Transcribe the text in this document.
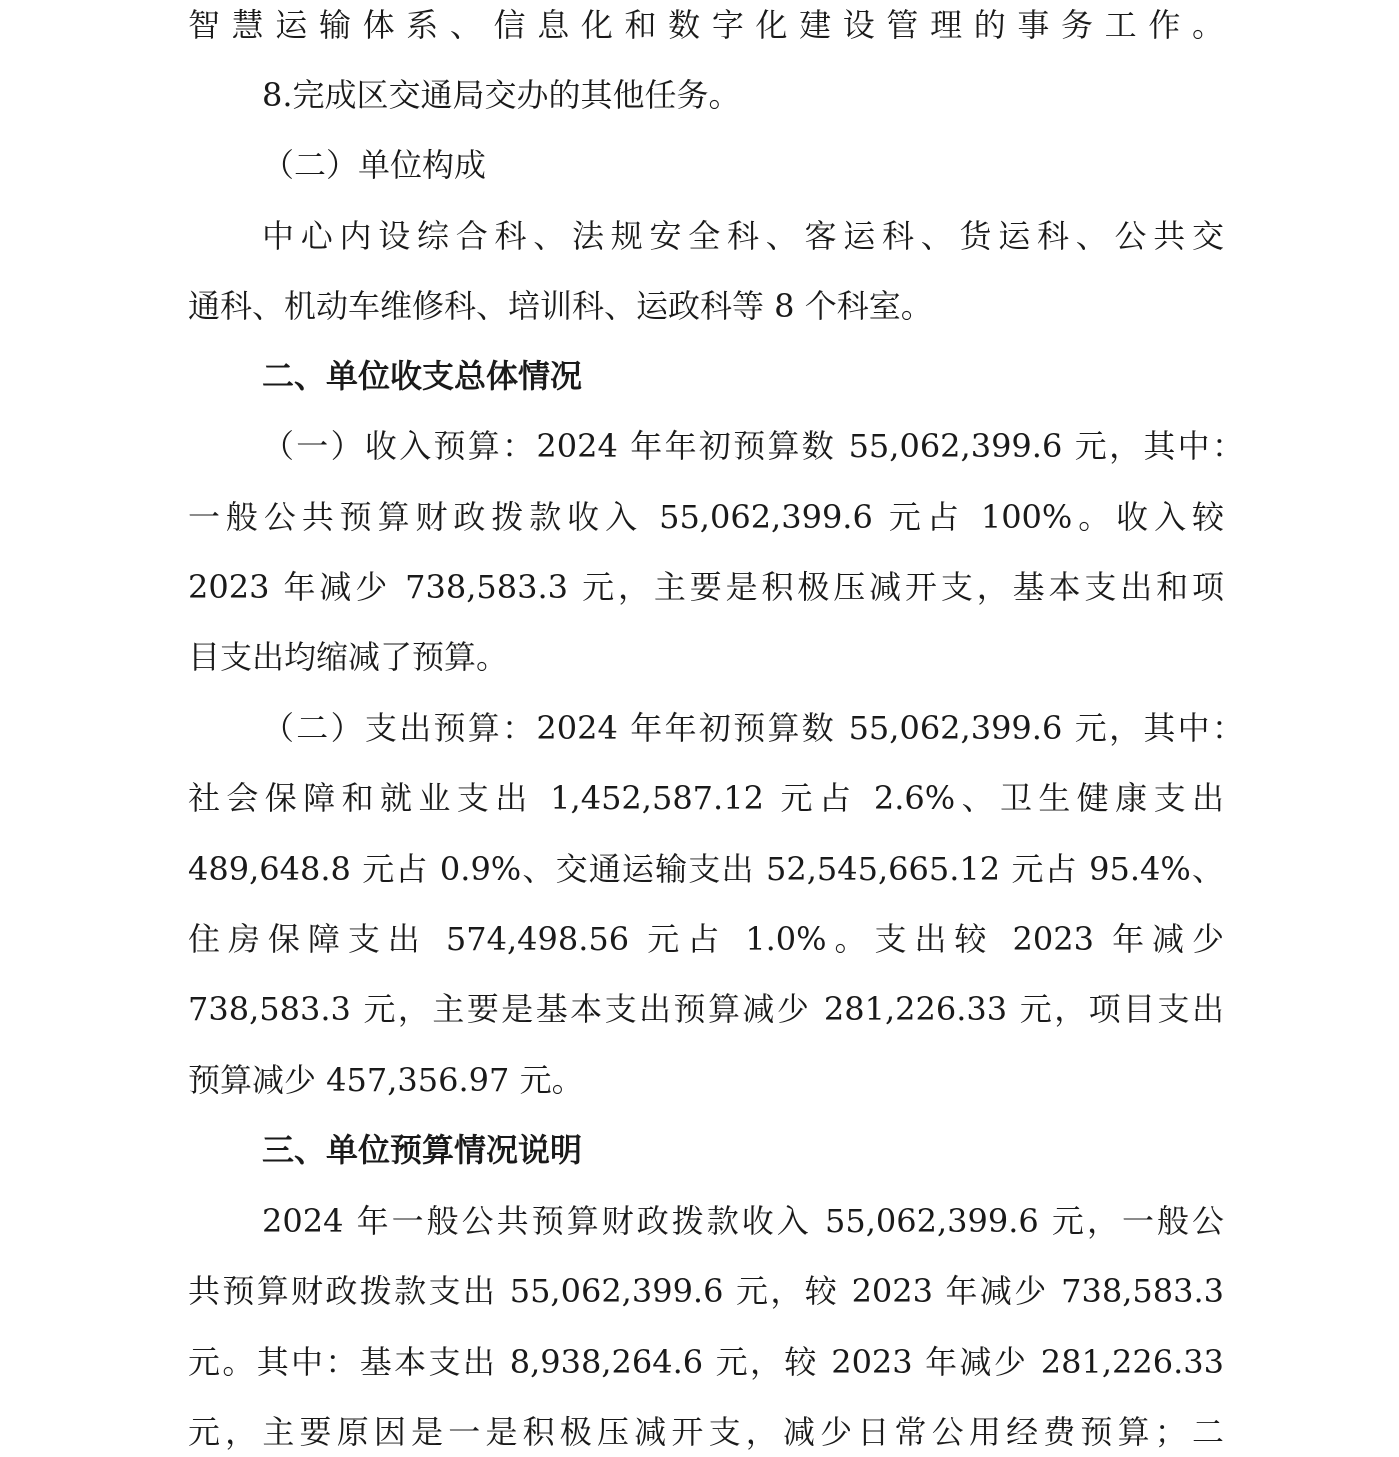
智慧运输体系、信息化和数字化建设管理的事务工作。
8.完成区交通局交办的其他任务。
（二）单位构成
中心内设综合科、法规安全科、客运科、货运科、公共交
通科、机动车维修科、培训科、运政科等 8 个科室。
二、单位收支总体情况
（一）收入预算：2024 年年初预算数 55,062,399.6 元，其中：
一般公共预算财政拨款收入 55,062,399.6 元占 100%。收入较
2023 年减少 738,583.3 元，主要是积极压减开支，基本支出和项
目支出均缩减了预算。
（二）支出预算：2024 年年初预算数 55,062,399.6 元，其中：
社会保障和就业支出 1,452,587.12 元占 2.6%、卫生健康支出
489,648.8 元占 0.9%、交通运输支出 52,545,665.12 元占 95.4%、
住房保障支出 574,498.56 元占 1.0%。支出较 2023 年减少
738,583.3 元，主要是基本支出预算减少 281,226.33 元，项目支出
预算减少 457,356.97 元。
三、单位预算情况说明
2024 年一般公共预算财政拨款收入 55,062,399.6 元，一般公
共预算财政拨款支出 55,062,399.6 元，较 2023 年减少 738,583.3
元。其中：基本支出 8,938,264.6 元，较 2023 年减少 281,226.33
元，主要原因是一是积极压减开支，减少日常公用经费预算；二
